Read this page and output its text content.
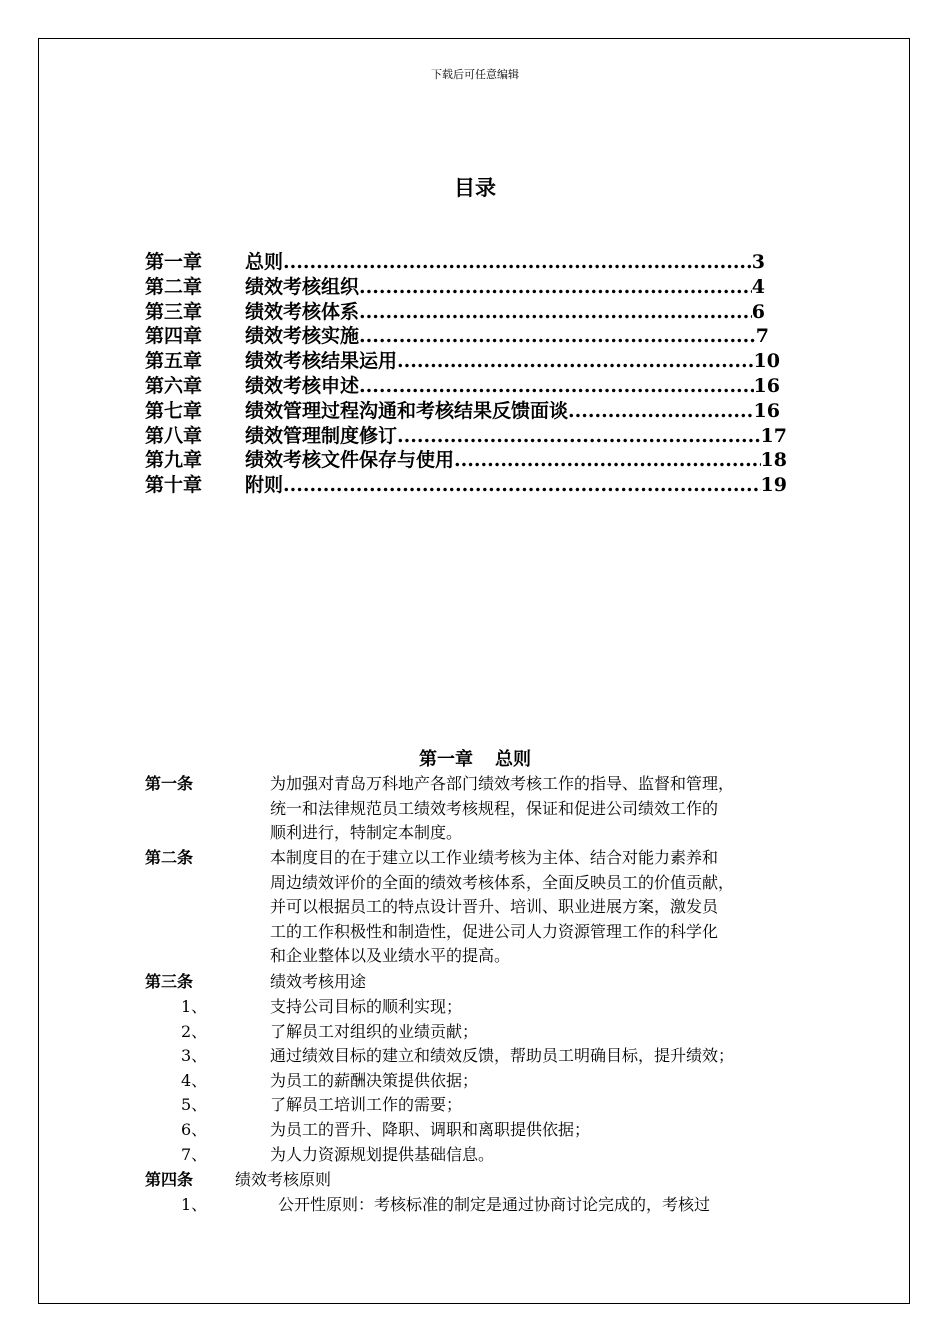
下载后可任意编辑
目录
第一章	总则 .....	3
第二章	绩效考核组织 .....	4
第三章	绩效考核体系 .....	6
第四章	绩效考核实施 .....	7
第五章	绩效考核结果运用 .....	10
第六章	绩效考核申述 .....	16
第七章	绩效管理过程沟通和考核结果反馈面谈 .....	16
第八章	绩效管理制度修订 .....	17
第九章	绩效考核文件保存与使用 .....	18
第十章	附则 .....	19
第一章 总则
第一条	为加强对青岛万科地产各部门绩效考核工作的指导、监督和管理，
统一和法律规范员工绩效考核规程，保证和促进公司绩效工作的
顺利进行，特制定本制度。
第二条	本制度目的在于建立以工作业绩考核为主体、结合对能力素养和
周边绩效评价的全面的绩效考核体系，全面反映员工的价值贡献，
并可以根据员工的特点设计晋升、培训、职业进展方案，激发员
工的工作积极性和制造性，促进公司人力资源管理工作的科学化
和企业整体以及业绩水平的提高。
第三条	绩效考核用途
1、	支持公司目标的顺利实现；
2、	了解员工对组织的业绩贡献；
3、	通过绩效目标的建立和绩效反馈，帮助员工明确目标，提升绩效；
4、	为员工的薪酬决策提供依据；
5、	了解员工培训工作的需要；
6、	为员工的晋升、降职、调职和离职提供依据；
7、	为人力资源规划提供基础信息。
第四条	绩效考核原则
1、	公开性原则：考核标准的制定是通过协商讨论完成的，考核过
